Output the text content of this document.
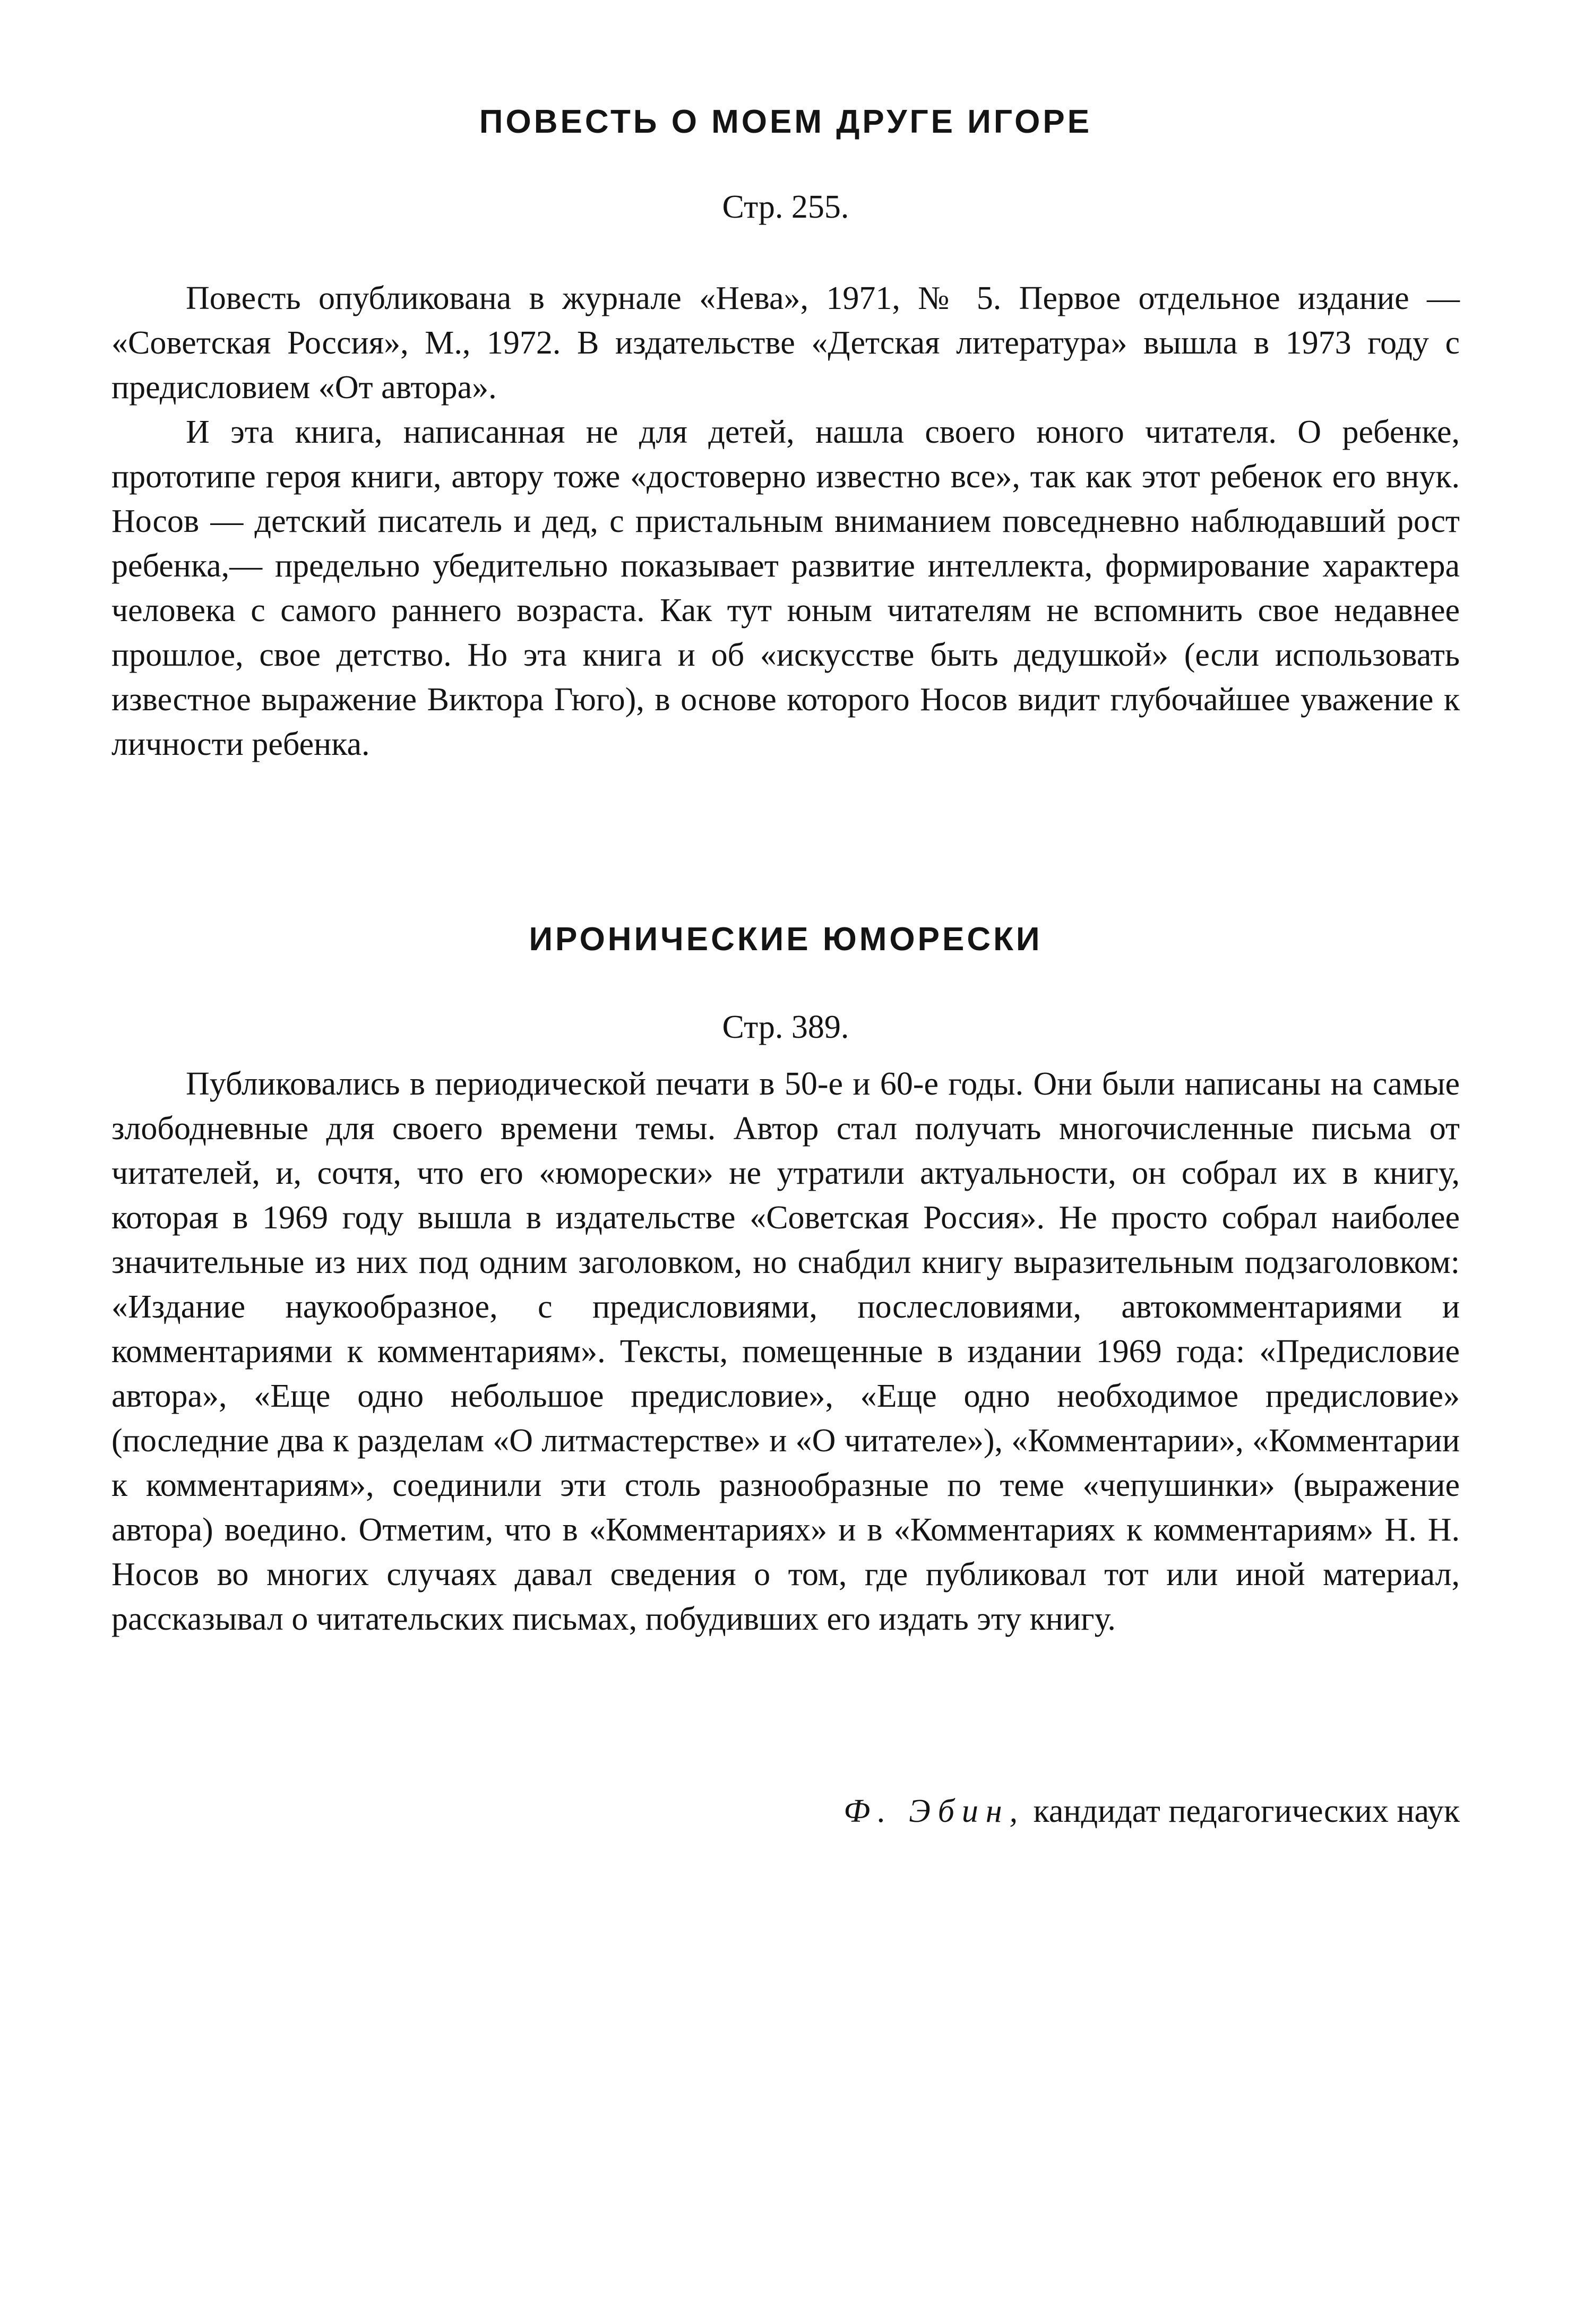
ПОВЕСТЬ О МОЕМ ДРУГЕ ИГОРЕ
Стр. 255.

Повесть опубликована в журнале «Нева», 1971, № 5. Первое отдельное издание — «Советская Россия», М., 1972. В издательстве «Детская литература» вышла в 1973 году с предисловием «От автора».

И эта книга, написанная не для детей, нашла своего юного читателя. О ребенке, прототипе героя книги, автору тоже «достоверно известно все», так как этот ребенок его внук. Носов — детский писатель и дед, с пристальным вниманием повседневно наблюдавший рост ребенка,— предельно убедительно показывает развитие интеллекта, формирование характера человека с самого раннего возраста. Как тут юным читателям не вспомнить свое недавнее прошлое, свое детство. Но эта книга и об «искусстве быть дедушкой» (если использовать известное выражение Виктора Гюго), в основе которого Носов видит глубочайшее уважение к личности ребенка.

ИРОНИЧЕСКИЕ ЮМОРЕСКИ
Стр. 389.

Публиковались в периодической печати в 50-е и 60-е годы. Они были написаны на самые злободневные для своего времени темы. Автор стал получать многочисленные письма от читателей, и, сочтя, что его «юморески» не утратили актуальности, он собрал их в книгу, которая в 1969 году вышла в издательстве «Советская Россия». Не просто собрал наиболее значительные из них под одним заголовком, но снабдил книгу выразительным подзаголовком: «Издание наукообразное, с предисловиями, послесловиями, автокомментариями и комментариями к комментариям». Тексты, помещенные в издании 1969 года: «Предисловие автора», «Еще одно небольшое предисловие», «Еще одно необходимое предисловие» (последние два к разделам «О литмастерстве» и «О читателе»), «Комментарии», «Комментарии к комментариям», соединили эти столь разнообразные по теме «чепушинки» (выражение автора) воедино. Отметим, что в «Комментариях» и в «Комментариях к комментариям» Н. Н. Носов во многих случаях давал сведения о том, где публиковал тот или иной материал, рассказывал о читательских письмах, побудивших его издать эту книгу.

Ф. Эбин, кандидат педагогических наук
